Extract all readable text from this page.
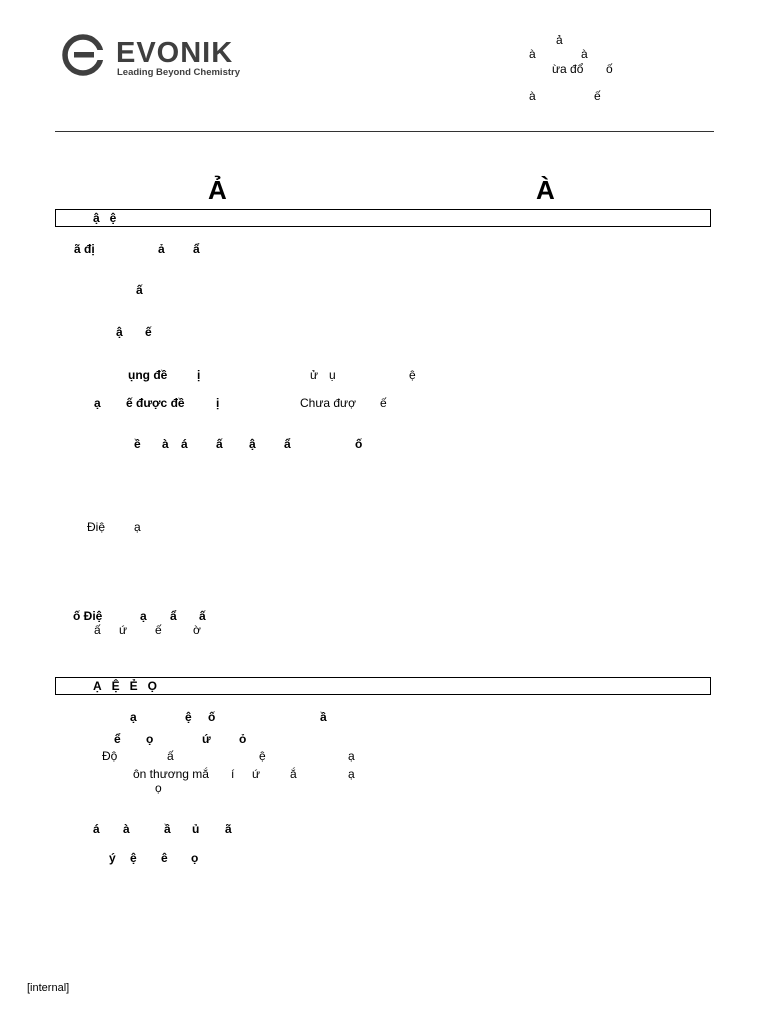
EVONIK
Leading Beyond Chemistry
ả
à	à
ừa đổ ố
à	ế
Ả	À
ậ   ệ
ã đị	ả ẩ
ấ
ậ ế
ụng đề ị	ử ụ	ệ
ạ ế được đề	ị	Chưa đượ ế
ề à á ấ ậ ẩ	ố
Điệ ạ
ố Điệ	ạ ẩ ấ
ấ ứ ế	ờ
Ạ   Ệ   Ẻ   Ọ
ạ	ệ ố	ầ
ể ọ	ứ ỏ
Độ	ấ	ệ	ạ
ôn thương mắ í ứ ắ	ạ
ọ
á à	ầ ủ ã
ý ệ ê ọ
[internal]
